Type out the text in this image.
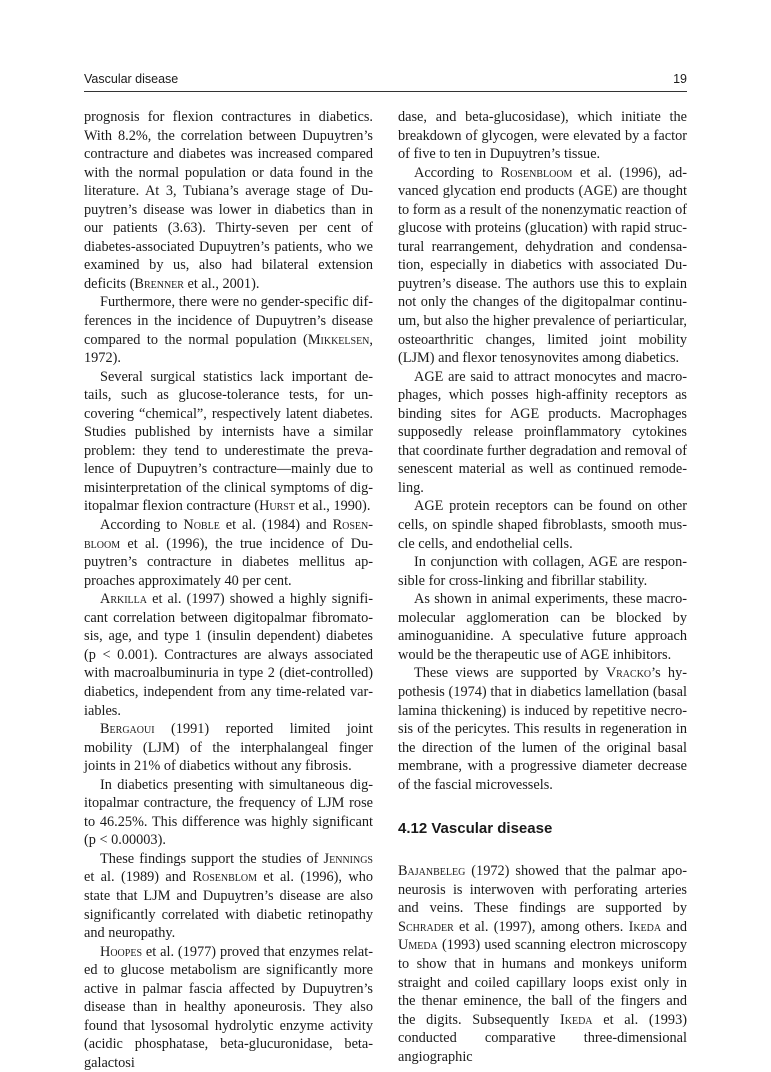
Vascular disease	19

prognosis for flexion contractures in diabetics. With 8.2%, the correlation between Dupuytren’s contracture and diabetes was increased compared with the normal population or data found in the literature. At 3, Tubiana’s average stage of Dupuytren’s disease was lower in diabetics than in our patients (3.63). Thirty-seven per cent of diabetes-associated Dupuytren’s patients, who we examined by us, also had bilateral extension deficits (Brenner et al., 2001).

Furthermore, there were no gender-specific differences in the incidence of Dupuytren’s disease compared to the normal population (Mikkelsen, 1972).

Several surgical statistics lack important details, such as glucose-tolerance tests, for uncovering “chemical”, respectively latent diabetes. Studies published by internists have a similar problem: they tend to underestimate the prevalence of Dupuytren’s contracture—mainly due to misinterpretation of the clinical symptoms of digitopalmar flexion contracture (Hurst et al., 1990).

According to Noble et al. (1984) and Rosenbloom et al. (1996), the true incidence of Dupuytren’s contracture in diabetes mellitus approaches approximately 40 per cent.

Arkilla et al. (1997) showed a highly significant correlation between digitopalmar fibromatosis, age, and type 1 (insulin dependent) diabetes (p < 0.001). Contractures are always associated with macroalbuminuria in type 2 (diet-controlled) diabetics, independent from any time-related variables.

Bergaoui (1991) reported limited joint mobility (LJM) of the interphalangeal finger joints in 21% of diabetics without any fibrosis.

In diabetics presenting with simultaneous digitopalmar contracture, the frequency of LJM rose to 46.25%. This difference was highly significant (p < 0.00003).

These findings support the studies of Jennings et al. (1989) and Rosenblom et al. (1996), who state that LJM and Dupuytren’s disease are also significantly correlated with diabetic retinopathy and neuropathy.

Hoopes et al. (1977) proved that enzymes related to glucose metabolism are significantly more active in palmar fascia affected by Dupuytren’s disease than in healthy aponeurosis. They also found that lysosomal hydrolytic enzyme activity (acidic phosphatase, beta-glucuronidase, beta-galactosi

dase, and beta-glucosidase), which initiate the breakdown of glycogen, were elevated by a factor of five to ten in Dupuytren’s tissue.

According to Rosenbloom et al. (1996), advanced glycation end products (AGE) are thought to form as a result of the nonenzymatic reaction of glucose with proteins (glucation) with rapid structural rearrangement, dehydration and condensation, especially in diabetics with associated Dupuytren’s disease. The authors use this to explain not only the changes of the digitopalmar continuum, but also the higher prevalence of periarticular, osteoarthritic changes, limited joint mobility (LJM) and flexor tenosynovites among diabetics.

AGE are said to attract monocytes and macrophages, which posses high-affinity receptors as binding sites for AGE products. Macrophages supposedly release proinflammatory cytokines that coordinate further degradation and removal of senescent material as well as continued remodeling.

AGE protein receptors can be found on other cells, on spindle shaped fibroblasts, smooth muscle cells, and endothelial cells.

In conjunction with collagen, AGE are responsible for cross-linking and fibrillar stability.

As shown in animal experiments, these macromolecular agglomeration can be blocked by aminoguanidine. A speculative future approach would be the therapeutic use of AGE inhibitors.

These views are supported by Vracko’s hypothesis (1974) that in diabetics lamellation (basal lamina thickening) is induced by repetitive necrosis of the pericytes. This results in regeneration in the direction of the lumen of the original basal membrane, with a progressive diameter decrease of the fascial microvessels.

4.12 Vascular disease

Bajanbeleg (1972) showed that the palmar aponeurosis is interwoven with perforating arteries and veins. These findings are supported by Schrader et al. (1997), among others. Ikeda and Umeda (1993) used scanning electron microscopy to show that in humans and monkeys uniform straight and coiled capillary loops exist only in the thenar eminence, the ball of the fingers and the digits. Subsequently Ikeda et al. (1993) conducted comparative three-dimensional angiographic
